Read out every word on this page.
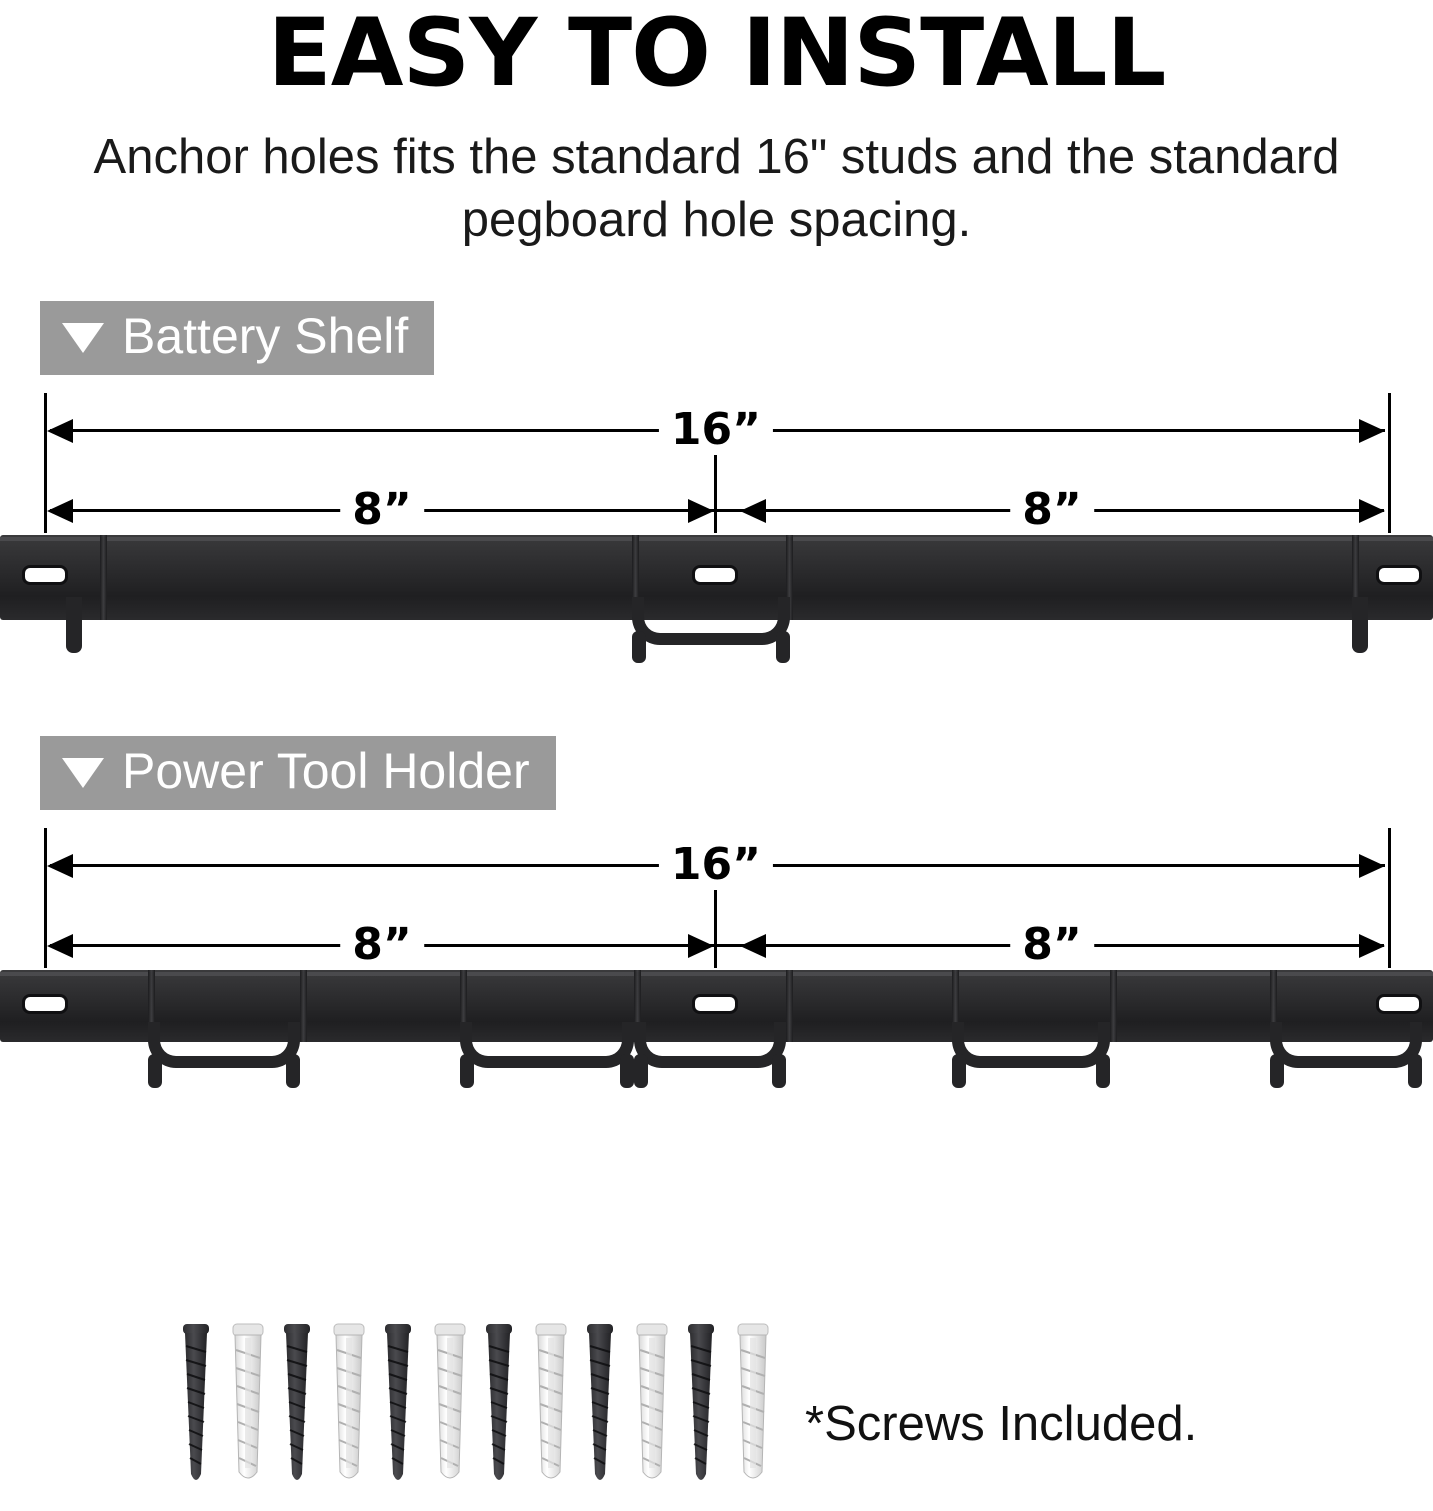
EASY TO INSTALL
Anchor holes fits the standard 16" studs and the standard pegboard hole spacing.
Battery Shelf
16”
8”	8”
Power Tool Holder
16”
8”	8”
*Screws Included.
